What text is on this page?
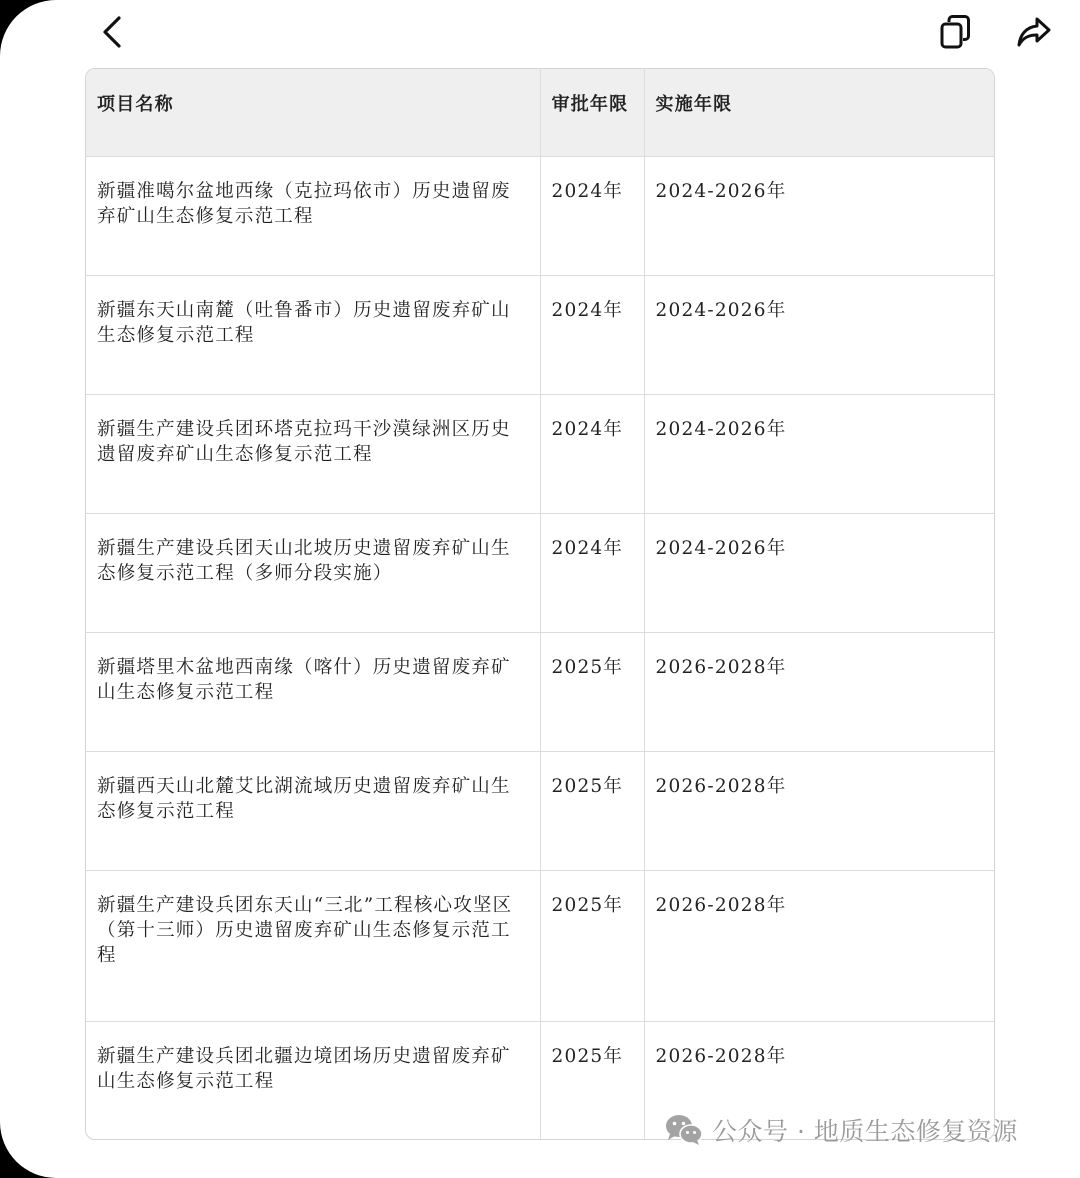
项目名称	审批年限	实施年限
新疆准噶尔盆地西缘（克拉玛依市）历史遗留废弃矿山生态修复示范工程	2024年	2024-2026年
新疆东天山南麓（吐鲁番市）历史遗留废弃矿山生态修复示范工程	2024年	2024-2026年
新疆生产建设兵团环塔克拉玛干沙漠绿洲区历史遗留废弃矿山生态修复示范工程	2024年	2024-2026年
新疆生产建设兵团天山北坡历史遗留废弃矿山生态修复示范工程（多师分段实施）	2024年	2024-2026年
新疆塔里木盆地西南缘（喀什）历史遗留废弃矿山生态修复示范工程	2025年	2026-2028年
新疆西天山北麓艾比湖流域历史遗留废弃矿山生态修复示范工程	2025年	2026-2028年
新疆生产建设兵团东天山“三北”工程核心攻坚区（第十三师）历史遗留废弃矿山生态修复示范工程	2025年	2026-2028年
新疆生产建设兵团北疆边境团场历史遗留废弃矿山生态修复示范工程	2025年	2026-2028年
公众号 · 地质生态修复资源
